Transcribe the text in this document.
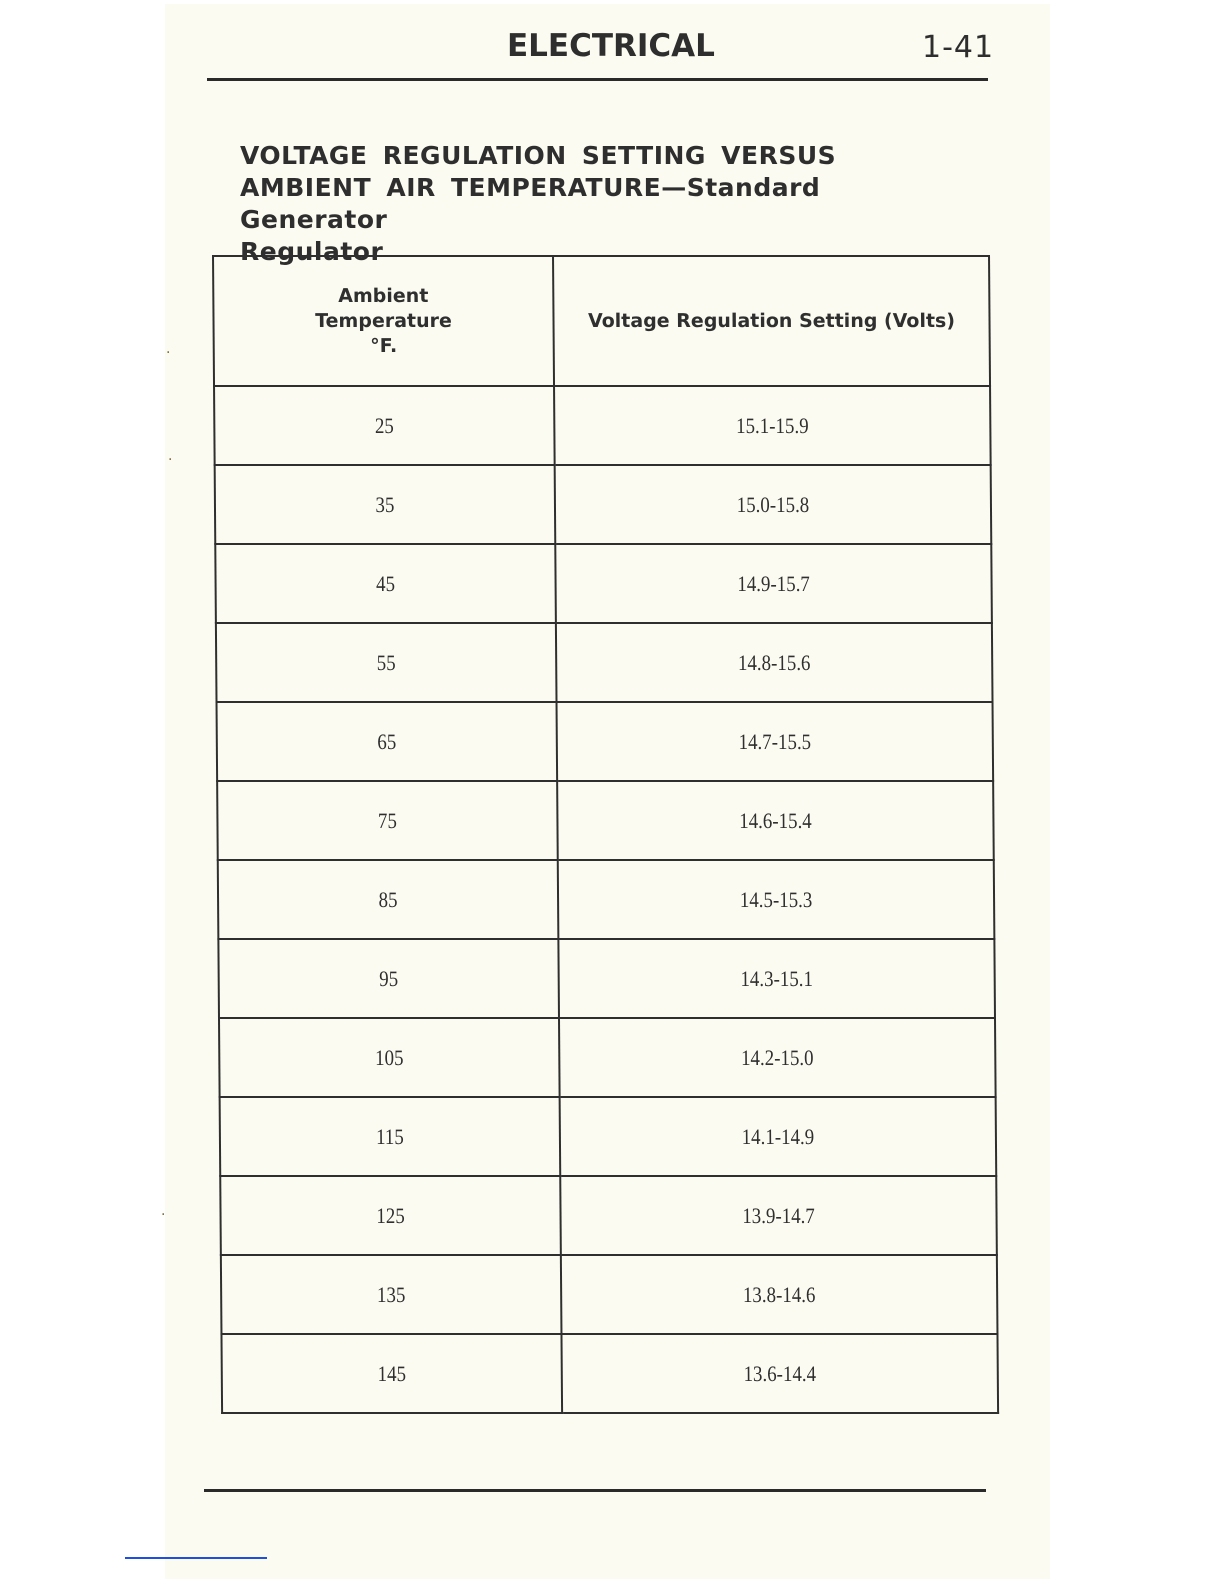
ELECTRICAL	1-41
VOLTAGE REGULATION SETTING VERSUS
AMBIENT AIR TEMPERATURE—Standard Generator
Regulator
Ambient
Temperature
°F.	Voltage Regulation Setting (Volts)
25	15.1-15.9
35	15.0-15.8
45	14.9-15.7
55	14.8-15.6
65	14.7-15.5
75	14.6-15.4
85	14.5-15.3
95	14.3-15.1
105	14.2-15.0
115	14.1-14.9
125	13.9-14.7
135	13.8-14.6
145	13.6-14.4
·
·
·
